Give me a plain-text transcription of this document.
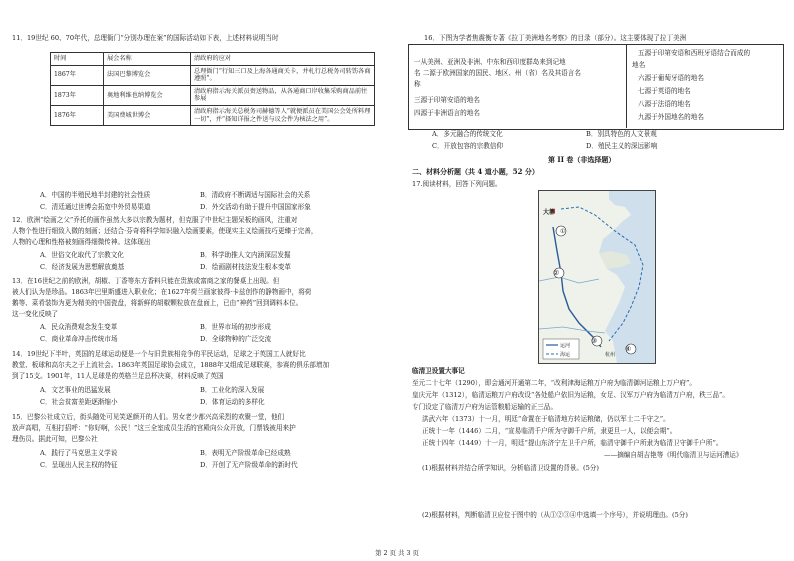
11．19世纪 60、70年代，总理衙门“分别办理在案”的国际活动如下表，上述材料说明当时
时间	展会名称	清政府的应对
1867年	法国巴黎博览会	总理衙门“行知三口及上海各通商关卡，并札行总税务司转饬各商遵照”。
1873年	奥地利维也纳博览会	清政府指示海关派员赍送物品，从各通商口岸收集采购商品前往参展
1876年	美国费城世博会	清政府指示海关总税务司赫德等人“就便派员在美国公会处所料理一切”，并“择知详报之件送与议会件为核法之用”。
A．中国的半殖民地半封建的社会性质	B．清政府不断调适与国际社会的关系
C．清廷通过世博会拓宽中外贸易渠道	D．外交活动有助于提升中国国家形象
12．欧洲“绘画之父”乔托的画作虽然大多以宗教为题材，但克服了中世纪主题呆板的画风，注重对
人物个性进行细致入微的刻画；还结合·芬奇将科学知识融入绘画要素，使现实主义绘画技巧更臻于完善，
人物的心理和性格被刻画得细微传神。这体现出
A．世俗文化取代了宗教文化	B．科学助推人文内涵深层发掘
C．经济发展为思想解放奠基	D．绘画剧材技法发生根本变革
13．在16世纪之前的欧洲，胡椒、丁香等东方香料只能在贵族或富商之家的餐桌上出现。但
被人们认为是珍品。1863年巴里斯盛进入职业化；在1627年荷兰画家彼得·卡兹创作的静物画中，将荷
鹅等、菜肴装饰为更为精美的中国瓷盘，将新鲜的胡椒颗粒放在盘面上，已由“神药”回到调料本位。
这一变化反映了
A．民众消费观念发生变革	B．世界市场的初步形成
C．商业革命冲击传统市场	D．全球物种的广泛交流
14．19世纪下半叶，英国的足球运动便是一个与旧贵族相竞争的平民运动，足球之于英国工人就好比
教堂、板球和高尔夫之于上流社会。1863年英国足球协会成立，1888年又组成足球联赛，参赛的俱乐部增加
到了15支。1901年，11人足球是的英格兰足总杯决赛，材料反映了英国
A．文艺事业的迅猛发展	B．工业化的深入发展
C．社会贫富差距逐渐缩小	D．体育运动的多样化
15．巴黎公社成立后，街头随处可见笑逐颜开的人们。男女老少都兴高采烈的欢聚一堂，他们
放声高唱，互相打招呼：“你好啊，公民！”这三全室成员生活的宫殿向公众开放，门票钱被用来护
理伤员。据此可知，巴黎公社
A．践行了马克思主义学说	B．表明无产阶级革命已经成熟
C．呈现出人民主权的特征	D．开创了无产阶级革命的新时代
16．下图为学者焦震衡专著《拉丁美洲地名考察》的目录（部分）。这主要体现了拉丁美洲
一从美洲、亚洲及非洲、中东和西印度群岛来到记地
名 二源于欧洲国家的国民、地区、州（省）名及其语言名
称
三源于印第安语的地名
四源于非洲语言的地名
五源于印第安语和西班牙语结合而成的
地名
六源于葡萄牙语的地名
七源于英语的地名
八源于法语的地名
九源于外国地名的地名
A．多元融合的传统文化	B．别具特色的人文景观
C．开放包容的宗教信仰	D．殖民主义的深远影响
第 II 卷（非选择题）
二、材料分析题（共 4 道小题，52 分）
17.阅读材料，回答下列问题。
大都
①
②
③
④
运河
海运	杭州
临清卫设置大事记
至元二十七年（1290），即会通河开通第二年，“改利津海运粮万户府为临清御河运粮上万户府”。
皇庆元年（1312），临清运粮万户府改设“各处船户依旧为运粮，女足、汉军万户府为临清万户府，秩三品”。
专门设定了临清万户府为运管粮船运输的正三品。
洪武六年（1373）十一月，明廷“命置在于临清地方转运粮储，仍以军士二千守之”。
正统十一年（1446）二月，“宣易临清千户所为守御千户所，隶更旦一人，以便会期”。
正统十四年（1449）十一月，明廷“提山东济宁左卫千户所，临清守御千户所隶为临清卫守御千户所”。
——摘编自胡吉艳等《明代临清卫与运河漕运》
(1)根据材料并结合所学知识，分析临清卫设置的背景。(5分)
(2)根据材料，判断临清卫应位于图中的（从①②③④中选填一个序号），并说明理由。(5分)
第 2 页 共 3 页
